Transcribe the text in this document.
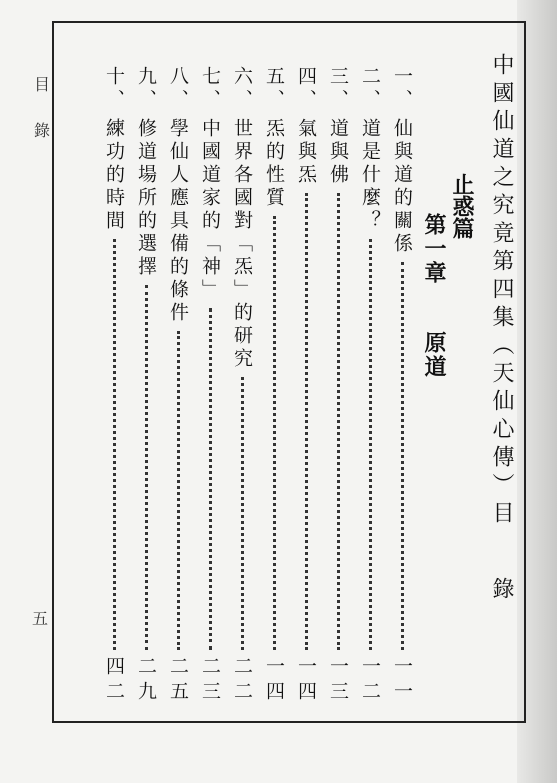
目
錄
五
中國仙道之究竟第四集（天仙心傳）目錄
止惑篇
第一章原道
一、
仙與道的關係
一一
二、
道是什麼？
一二
三、
道與佛
一三
四、
氣與炁
一四
五、
炁的性質
一四
六、
世界各國對「炁」的研究
二二
七、
中國道家的「神」
二三
八、
學仙人應具備的條件
二五
九、
修道場所的選擇
二九
十、
練功的時間
四二
